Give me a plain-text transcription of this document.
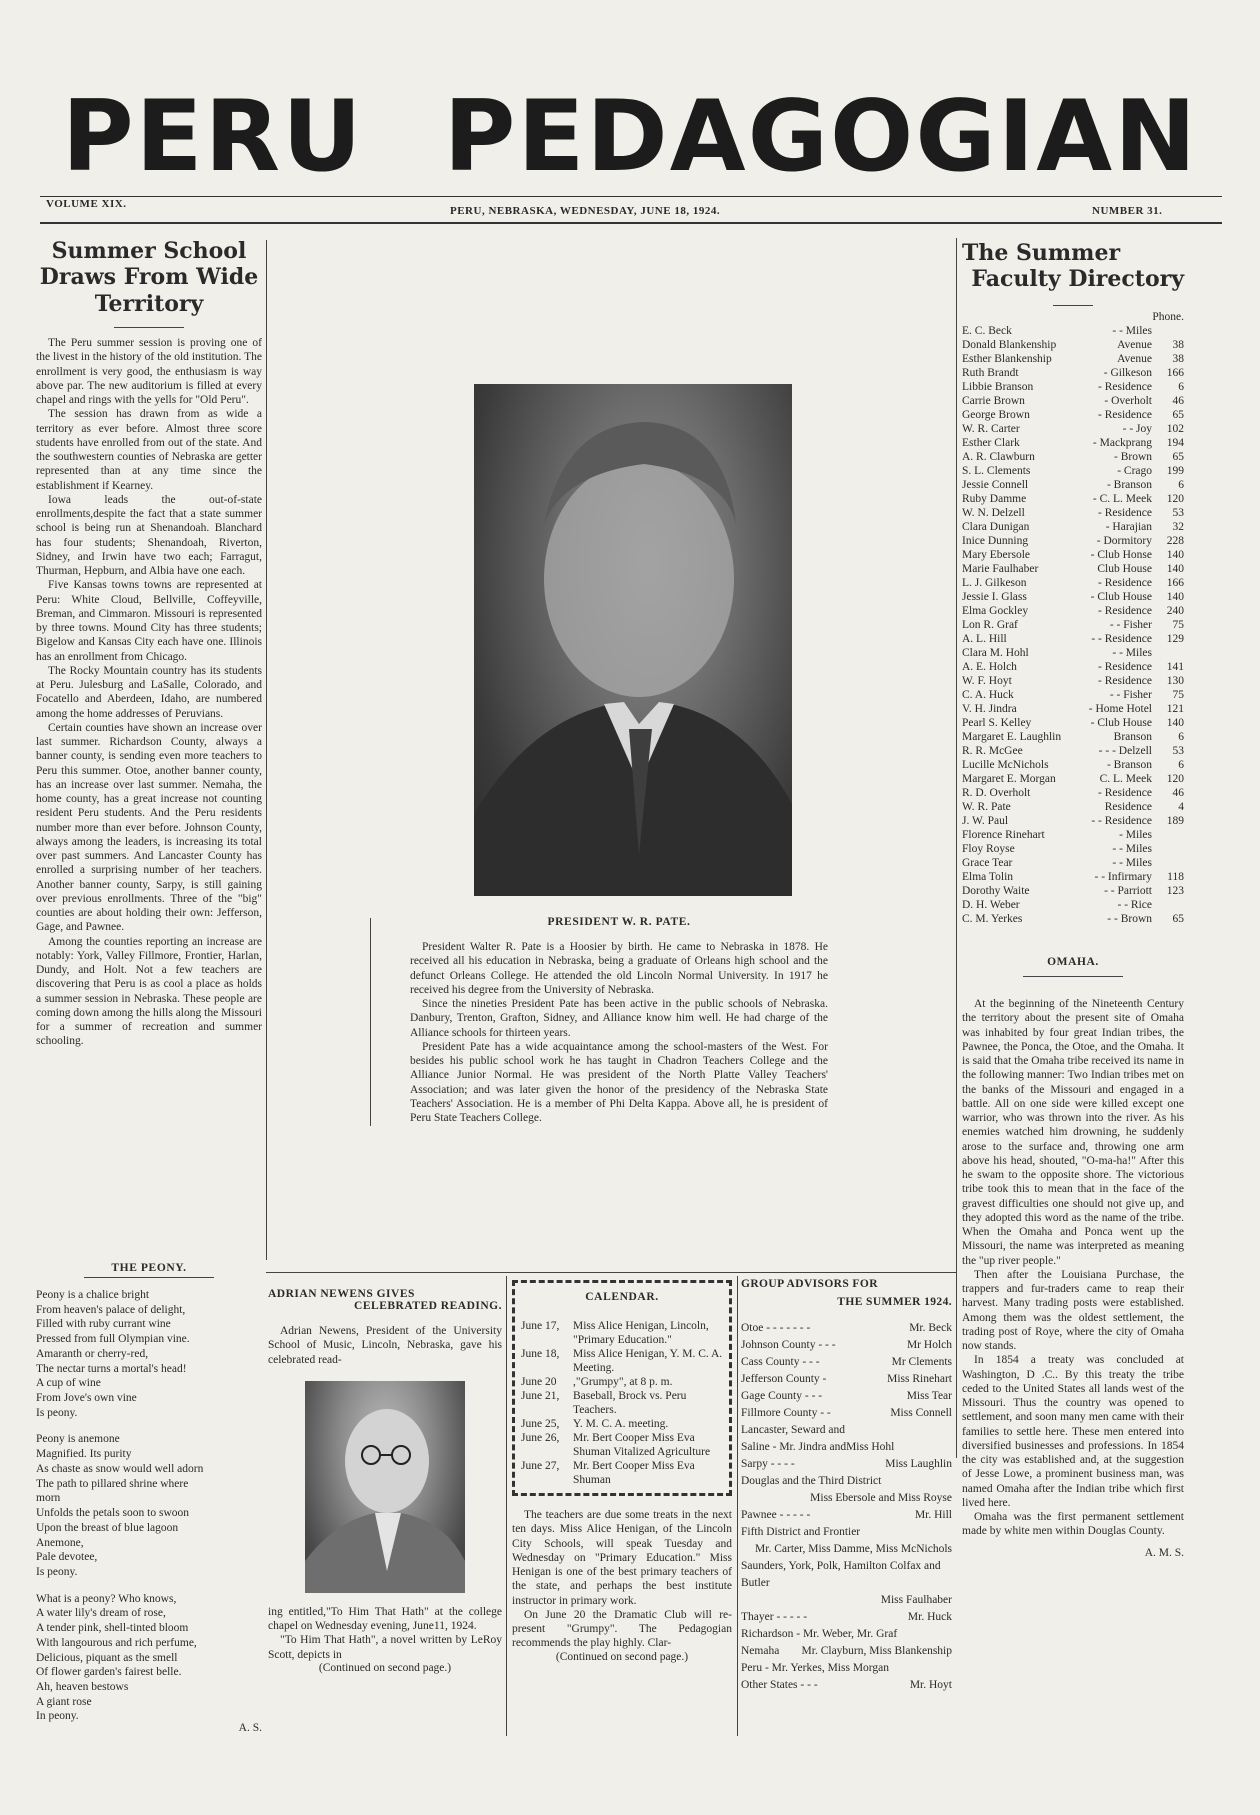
PERU PEDAGOGIAN
VOLUME XIX.
PERU, NEBRASKA, WEDNESDAY, JUNE 18, 1924.	NUMBER 31.
Summer School Draws From Wide Territory

The Peru summer session is proving one of the livest in the history of the old institution. The enrollment is very good, the enthusiasm is way above par. The new auditorium is filled at every chapel and rings with the yells for "Old Peru".

The session has drawn from as wide a territory as ever before. Almost three score students have enrolled from out of the state. And the southwestern counties of Nebraska are getter represented than at any time since the establishment if Kearney.

Iowa leads the out-of-state enrollments,despite the fact that a state summer school is being run at Shenandoah. Blanchard has four students; Shenandoah, Riverton, Sidney, and Irwin have two each; Farragut, Thurman, Hepburn, and Albia have one each.

Five Kansas towns towns are represented at Peru: White Cloud, Bellville, Coffeyville, Breman, and Cimmaron. Missouri is represented by three towns. Mound City has three students; Bigelow and Kansas City each have one. Illinois has an enrollment from Chicago.

The Rocky Mountain country has its students at Peru. Julesburg and LaSalle, Colorado, and Focatello and Aberdeen, Idaho, are numbered among the home addresses of Peruvians.

Certain counties have shown an increase over last summer. Richardson County, always a banner county, is sending even more teachers to Peru this summer. Otoe, another banner county, has an increase over last summer. Nemaha, the home county, has a great increase not counting resident Peru students. And the Peru residents number more than ever before. Johnson County, always among the leaders, is increasing its total over past summers. And Lancaster County has enrolled a surprising number of her teachers. Another banner county, Sarpy, is still gaining over previous enrollments. Three of the "big" counties are about holding their own: Jefferson, Gage, and Pawnee.

Among the counties reporting an increase are notably: York, Valley Fillmore, Frontier, Harlan, Dundy, and Holt. Not a few teachers are discovering that Peru is as cool a place as holds a summer session in Nebraska. These people are coming down among the hills along the Missouri for a summer of recreation and summer schooling.

THE PEONY.

Peony is a chalice bright
From heaven's palace of delight,
Filled with ruby currant wine
Pressed from full Olympian vine.
Amaranth or cherry-red,
The nectar turns a mortal's head!
A cup of wine
From Jove's own vine
Is peony.
Peony is anemone
Magnified. Its purity
As chaste as snow would well adorn
The path to pillared shrine where
morn
Unfolds the petals soon to swoon
Upon the breast of blue lagoon
Anemone,
Pale devotee,
Is peony.
What is a peony? Who knows,
A water lily's dream of rose,
A tender pink, shell-tinted bloom
With langourous and rich perfume,
Delicious, piquant as the smell
Of flower garden's fairest belle.
Ah, heaven bestows
A giant rose
In peony.
A. S.

PRESIDENT W. R. PATE.

President Walter R. Pate is a Hoosier by birth. He came to Nebraska in 1878. He received all his education in Nebraska, being a graduate of Orleans high school and the defunct Orleans College. He attended the old Lincoln Normal University. In 1917 he received his degree from the University of Nebraska.

Since the nineties President Pate has been active in the public schools of Nebraska. Danbury, Trenton, Grafton, Sidney, and Alliance know him well. He had charge of the Alliance schools for thirteen years.

President Pate has a wide acquaintance among the school-masters of the West. For besides his public school work he has taught in Chadron Teachers College and the Alliance Junior Normal. He was president of the North Platte Valley Teachers' Association; and was later given the honor of the presidency of the Nebraska State Teachers' Association. He is a member of Phi Delta Kappa. Above all, he is president of Peru State Teachers College.

The Summer
Faculty Directory
Phone.
E. C. Beck	- - Miles
Donald Blankenship	Avenue	38
Esther Blankenship	Avenue	38
Ruth Brandt	- Gilkeson	166
Libbie Branson	- Residence	6
Carrie Brown	- Overholt	46
George Brown	- Residence	65
W. R. Carter	- - Joy	102
Esther Clark	- Mackprang	194
A. R. Clawburn	- Brown	65
S. L. Clements	- Crago	199
Jessie Connell	- Branson	6
Ruby Damme	- C. L. Meek	120
W. N. Delzell	- Residence	53
Clara Dunigan	- Harajian	32
Inice Dunning	- Dormitory	228
Mary Ebersole	- Club Honse	140
Marie Faulhaber	Club House	140
L. J. Gilkeson	- Residence	166
Jessie I. Glass	- Club House	140
Elma Gockley	- Residence	240
Lon R. Graf	- - Fisher	75
A. L. Hill	- - Residence	129
Clara M. Hohl	- - Miles
A. E. Holch	- Residence	141
W. F. Hoyt	- Residence	130
C. A. Huck	- - Fisher	75
V. H. Jindra	- Home Hotel	121
Pearl S. Kelley	- Club House	140
Margaret E. Laughlin	Branson	6
R. R. McGee	- - - Delzell	53
Lucille McNichols	- Branson	6
Margaret E. Morgan	C. L. Meek	120
R. D. Overholt	- Residence	46
W. R. Pate	Residence	4
J. W. Paul	- - Residence	189
Florence Rinehart	- Miles
Floy Royse	- - Miles
Grace Tear	- - Miles
Elma Tolin	- - Infirmary	118
Dorothy Waite	- - Parriott	123
D. H. Weber	- - Rice
C. M. Yerkes	- - Brown	65

OMAHA.

At the beginning of the Nineteenth Century the territory about the present site of Omaha was inhabited by four great Indian tribes, the Pawnee, the Ponca, the Otoe, and the Omaha. It is said that the Omaha tribe received its name in the following manner: Two Indian tribes met on the banks of the Missouri and engaged in a battle. All on one side were killed except one warrior, who was thrown into the river. As his enemies watched him drowning, he suddenly arose to the surface and, throwing one arm above his head, shouted, "O-ma-ha!" After this he swam to the opposite shore. The victorious tribe took this to mean that in the face of the gravest difficulties one should not give up, and they adopted this word as the name of the tribe. When the Omaha and Ponca went up the Missouri, the name was interpreted as meaning the "up river people."

Then after the Louisiana Purchase, the trappers and fur-traders came to reap their harvest. Many trading posts were established. Among them was the oldest settlement, the trading post of Roye, where the city of Omaha now stands.

In 1854 a treaty was concluded at Washington, D .C.. By this treaty the tribe ceded to the United States all lands west of the Missouri. Thus the country was opened to settlement, and soon many men came with their families to settle here. These men entered into diversified businesses and professions. In 1854 the city was established and, at the suggestion of Jesse Lowe, a prominent business man, was named Omaha after the Indian tribe which first lived here.

Omaha was the first permanent settlement made by white men within Douglas County.

A. M. S.
ADRIAN NEWENS GIVES
CELEBRATED READING.

Adrian Newens, President of the University School of Music, Lincoln, Nebraska, gave his celebrated read-

ing entitled,"To Him That Hath" at the college chapel on Wednesday evening, June11, 1924.

"To Him That Hath", a novel written by LeRoy Scott, depicts in

(Continued on second page.)

CALENDAR.

June 17,	Miss Alice Henigan, Lincoln, "Primary Education."
June 18,	Miss Alice Henigan, Y. M. C. A. Meeting.
June 20	,"Grumpy", at 8 p. m.
June 21,	Baseball, Brock vs. Peru Teachers.
June 25,	Y. M. C. A. meeting.
June 26,	Mr. Bert Cooper Miss Eva Shuman Vitalized Agriculture
June 27,	Mr. Bert Cooper Miss Eva Shuman

The teachers are due some treats in the next ten days. Miss Alice Henigan, of the Lincoln City Schools, will speak Tuesday and Wednesday on "Primary Education." Miss Henigan is one of the best primary teachers of the state, and perhaps the best institute instructor in primary work.

On June 20 the Dramatic Club will re-present "Grumpy". The Pedagogian recommends the play highly. Clar-

(Continued on second page.)
GROUP ADVISORS FOR
THE SUMMER 1924.
Otoe - - - - - - -	Mr. Beck
Johnson County - - -	Mr Holch
Cass County - - -	Mr Clements
Jefferson County -	Miss Rinehart
Gage County - - -	Miss Tear
Fillmore County - -	Miss Connell
Lancaster, Seward and
Saline - Mr. Jindra andMiss Hohl
Sarpy - - - -	Miss Laughlin
Douglas and the Third District
Miss Ebersole and Miss Royse
Pawnee - - - - -	Mr. Hill
Fifth District and Frontier
Mr. Carter, Miss Damme, Miss McNichols
Saunders, York, Polk, Hamilton Colfax and Butler
Miss Faulhaber
Thayer - - - - -	Mr. Huck
Richardson - Mr. Weber, Mr. Graf
Nemaha Mr. Clayburn, Miss Blankenship
Peru - Mr. Yerkes, Miss Morgan
Other States - - -	Mr. Hoyt
